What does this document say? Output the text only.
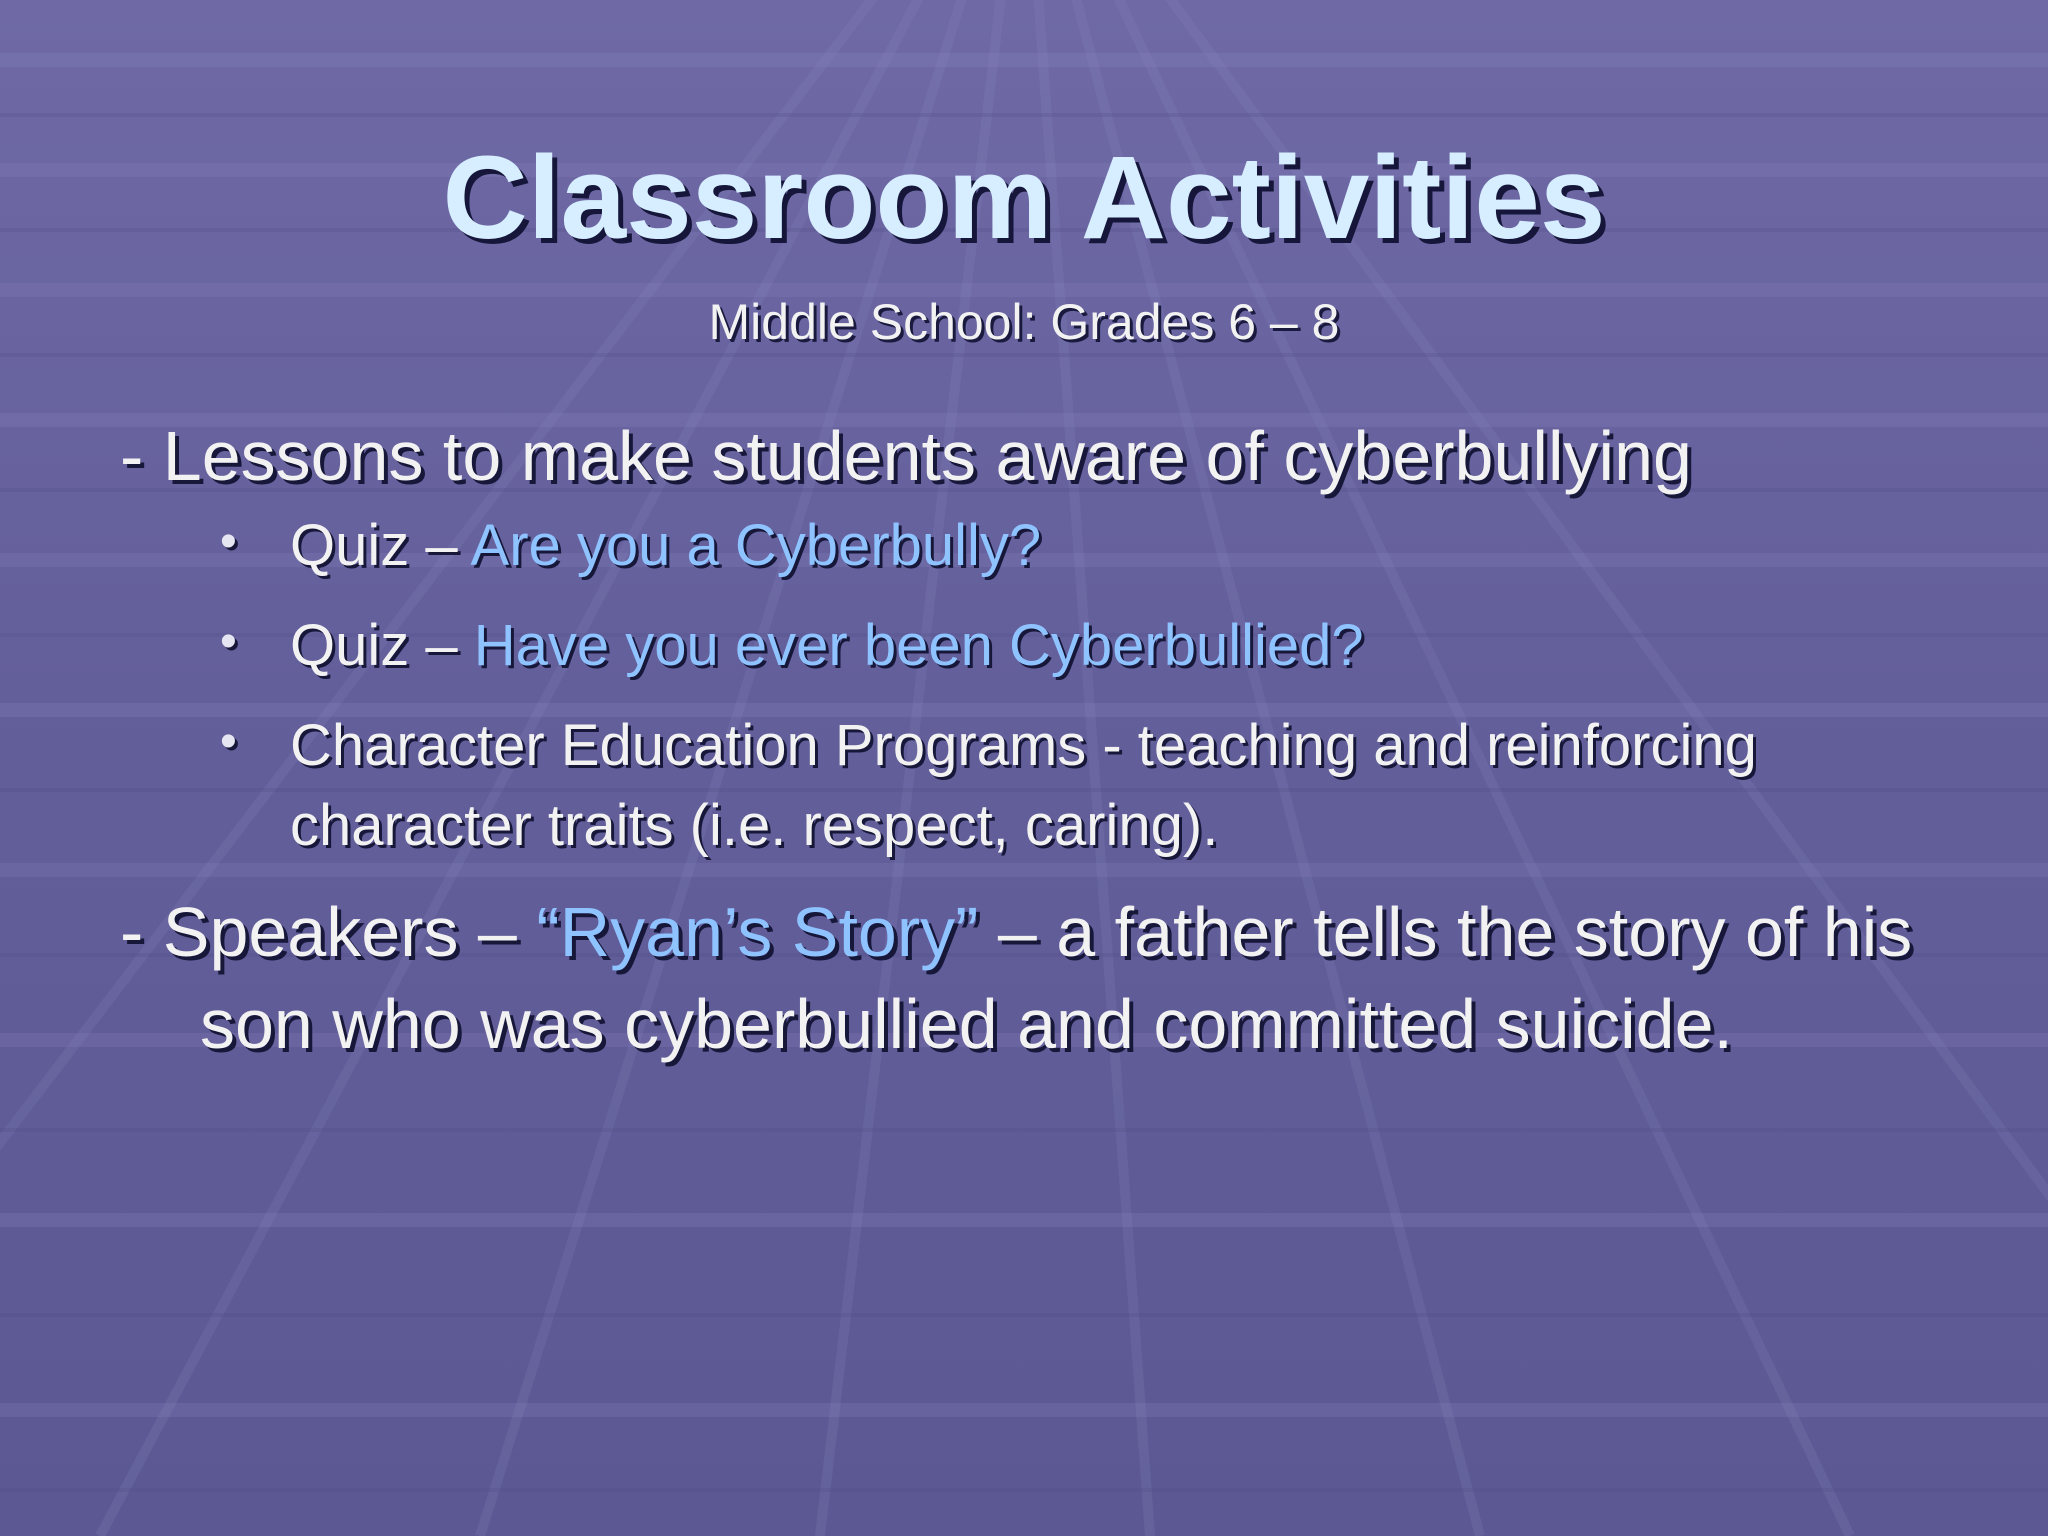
Classroom Activities
Middle School: Grades 6 – 8

- Lessons to make students aware of cyberbullying

• Quiz – Are you a Cyberbully?
• Quiz – Have you ever been Cyberbullied?
• Character Education Programs - teaching and reinforcing character traits (i.e. respect, caring).

- Speakers – “Ryan’s Story” – a father tells the story of his son who was cyberbullied and committed suicide.
